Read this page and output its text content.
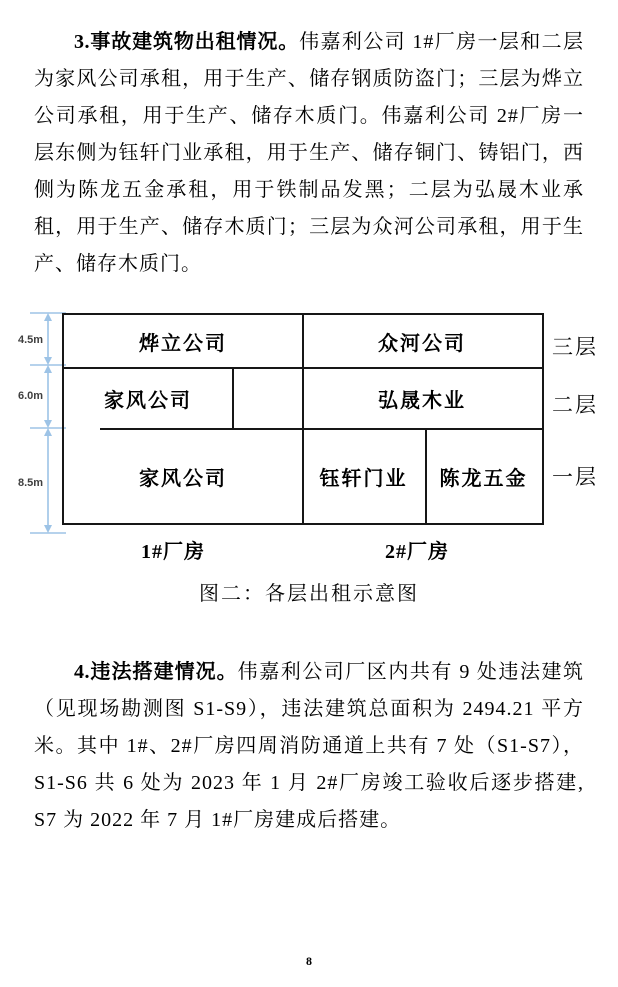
3.事故建筑物出租情况。伟嘉利公司 1#厂房一层和二层为家风公司承租，用于生产、储存钢质防盗门；三层为烨立公司承租，用于生产、储存木质门。伟嘉利公司 2#厂房一层东侧为钰轩门业承租，用于生产、储存铜门、铸铝门，西侧为陈龙五金承租，用于铁制品发黑；二层为弘晟木业承租，用于生产、储存木质门；三层为众河公司承租，用于生产、储存木质门。

4.5m
6.0m
8.5m
烨立公司	众河公司
家风公司	弘晟木业
家风公司	钰轩门业	陈龙五金
三层
二层
一层
1#厂房	2#厂房
图二：各层出租示意图

4.违法搭建情况。伟嘉利公司厂区内共有 9 处违法建筑（见现场勘测图 S1-S9），违法建筑总面积为 2494.21 平方米。其中 1#、2#厂房四周消防通道上共有 7 处（S1-S7），S1-S6 共 6 处为 2023 年 1 月 2#厂房竣工验收后逐步搭建, S7 为 2022 年 7 月 1#厂房建成后搭建。

8
